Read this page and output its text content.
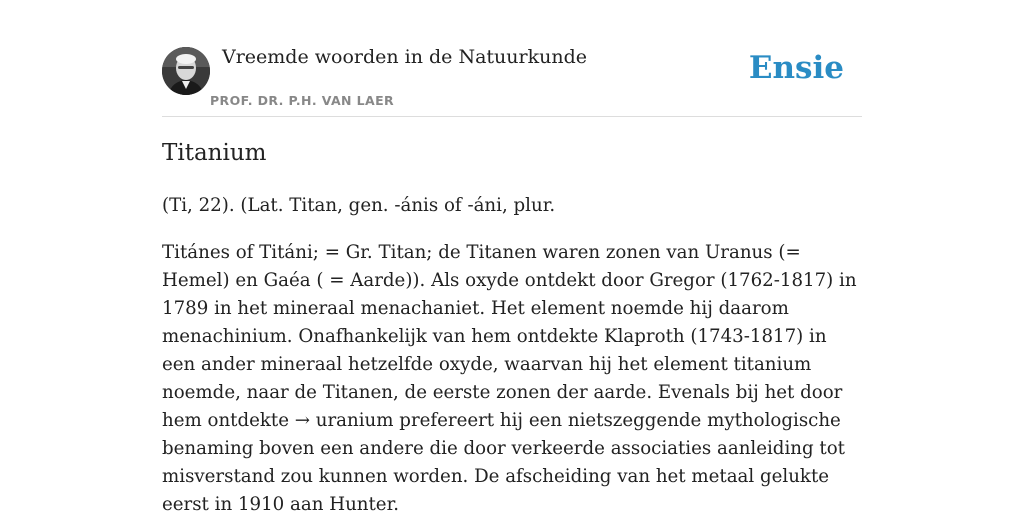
Vreemde woorden in de Natuurkunde
PROF. DR. P.H. VAN LAER
Ensie
Titanium

(Ti, 22). (Lat. Titan, gen. -ánis of -áni, plur.

Titánes of Titáni; = Gr. Titan; de Titanen waren zonen van Uranus (= Hemel) en Gaéa ( = Aarde)). Als oxyde ontdekt door Gregor (1762-1817) in 1789 in het mineraal menachaniet. Het element noemde hij daarom menachinium. Onafhankelijk van hem ontdekte Klaproth (1743-1817) in een ander mineraal hetzelfde oxyde, waarvan hij het element titanium noemde, naar de Titanen, de eerste zonen der aarde. Evenals bij het door hem ontdekte → uranium prefereert hij een nietszeggende mythologische benaming boven een andere die door verkeerde associaties aanleiding tot misverstand zou kunnen worden. De afscheiding van het metaal gelukte eerst in 1910 aan Hunter.
